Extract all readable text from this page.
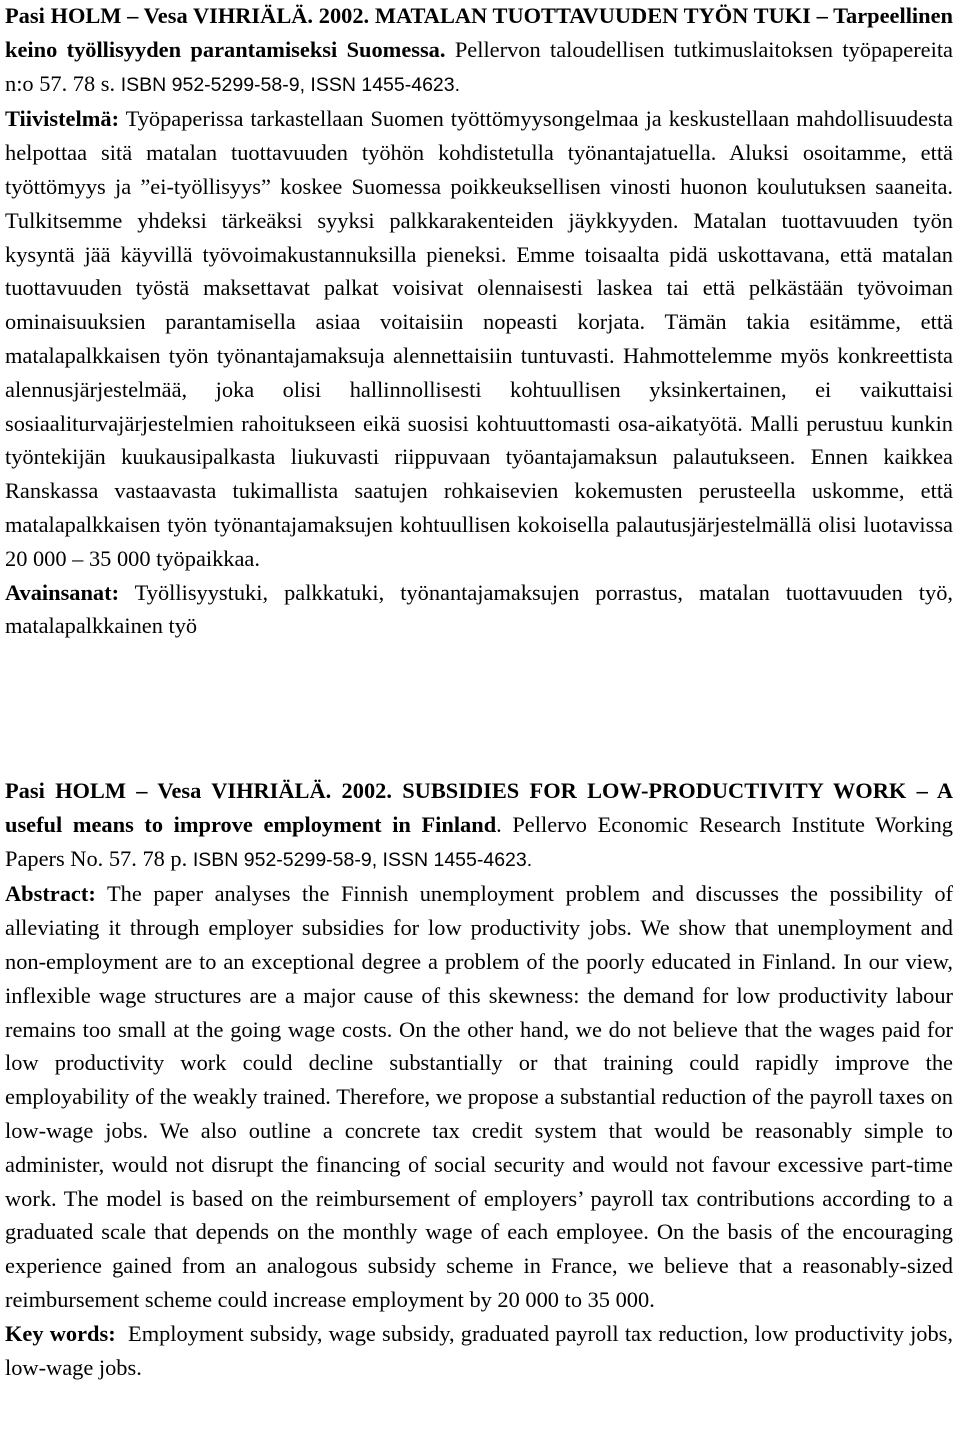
Pasi HOLM – Vesa VIHRIÄLÄ. 2002. MATALAN TUOTTAVUUDEN TYÖN TUKI – Tarpeellinen keino työllisyyden parantamiseksi Suomessa. Pellervon taloudellisen tutkimuslaitoksen työpapereita n:o 57. 78 s. ISBN 952-5299-58-9, ISSN 1455-4623.

Tiivistelmä: Työpaperissa tarkastellaan Suomen työttömyysongelmaa ja keskustellaan mahdollisuudesta helpottaa sitä matalan tuottavuuden työhön kohdistetulla työnantajatuella. Aluksi osoitamme, että työttömyys ja ”ei-työllisyys” koskee Suomessa poikkeuksellisen vinosti huonon koulutuksen saaneita. Tulkitsemme yhdeksi tärkeäksi syyksi palkkarakenteiden jäykkyyden. Matalan tuottavuuden työn kysyntä jää käyvillä työvoimakustannuksilla pieneksi. Emme toisaalta pidä uskottavana, että matalan tuottavuuden työstä maksettavat palkat voisivat olennaisesti laskea tai että pelkästään työvoiman ominaisuuksien parantamisella asiaa voitaisiin nopeasti korjata. Tämän takia esitämme, että matalapalkkaisen työn työnantajamaksuja alennettaisiin tuntuvasti. Hahmottelemme myös konkreettista alennusjärjestelmää, joka olisi hallinnollisesti kohtuullisen yksinkertainen, ei vaikuttaisi sosiaaliturvajärjestelmien rahoitukseen eikä suosisi kohtuuttomasti osa-aikatyötä. Malli perustuu kunkin työntekijän kuukausipalkasta liukuvasti riippuvaan työantajamaksun palautukseen. Ennen kaikkea Ranskassa vastaavasta tukimallista saatujen rohkaisevien kokemusten perusteella uskomme, että matalapalkkaisen työn työnantajamaksujen kohtuullisen kokoisella palautusjärjestelmällä olisi luotavissa 20 000 – 35 000 työpaikkaa.

Avainsanat: Työllisyystuki, palkkatuki, työnantajamaksujen porrastus, matalan tuottavuuden työ, matalapalkkainen työ

Pasi HOLM – Vesa VIHRIÄLÄ. 2002. SUBSIDIES FOR LOW-PRODUCTIVITY WORK – A useful means to improve employment in Finland. Pellervo Economic Research Institute Working Papers No. 57. 78 p. ISBN 952-5299-58-9, ISSN 1455-4623.

Abstract: The paper analyses the Finnish unemployment problem and discusses the possibility of alleviating it through employer subsidies for low productivity jobs. We show that unemployment and non-employment are to an exceptional degree a problem of the poorly educated in Finland. In our view, inflexible wage structures are a major cause of this skewness: the demand for low productivity labour remains too small at the going wage costs. On the other hand, we do not believe that the wages paid for low productivity work could decline substantially or that training could rapidly improve the employability of the weakly trained. Therefore, we propose a substantial reduction of the payroll taxes on low-wage jobs. We also outline a concrete tax credit system that would be reasonably simple to administer, would not disrupt the financing of social security and would not favour excessive part-time work. The model is based on the reimbursement of employers’ payroll tax contributions according to a graduated scale that depends on the monthly wage of each employee. On the basis of the encouraging experience gained from an analogous subsidy scheme in France, we believe that a reasonably-sized reimbursement scheme could increase employment by 20 000 to 35 000.

Key words: Employment subsidy, wage subsidy, graduated payroll tax reduction, low productivity jobs, low-wage jobs.
